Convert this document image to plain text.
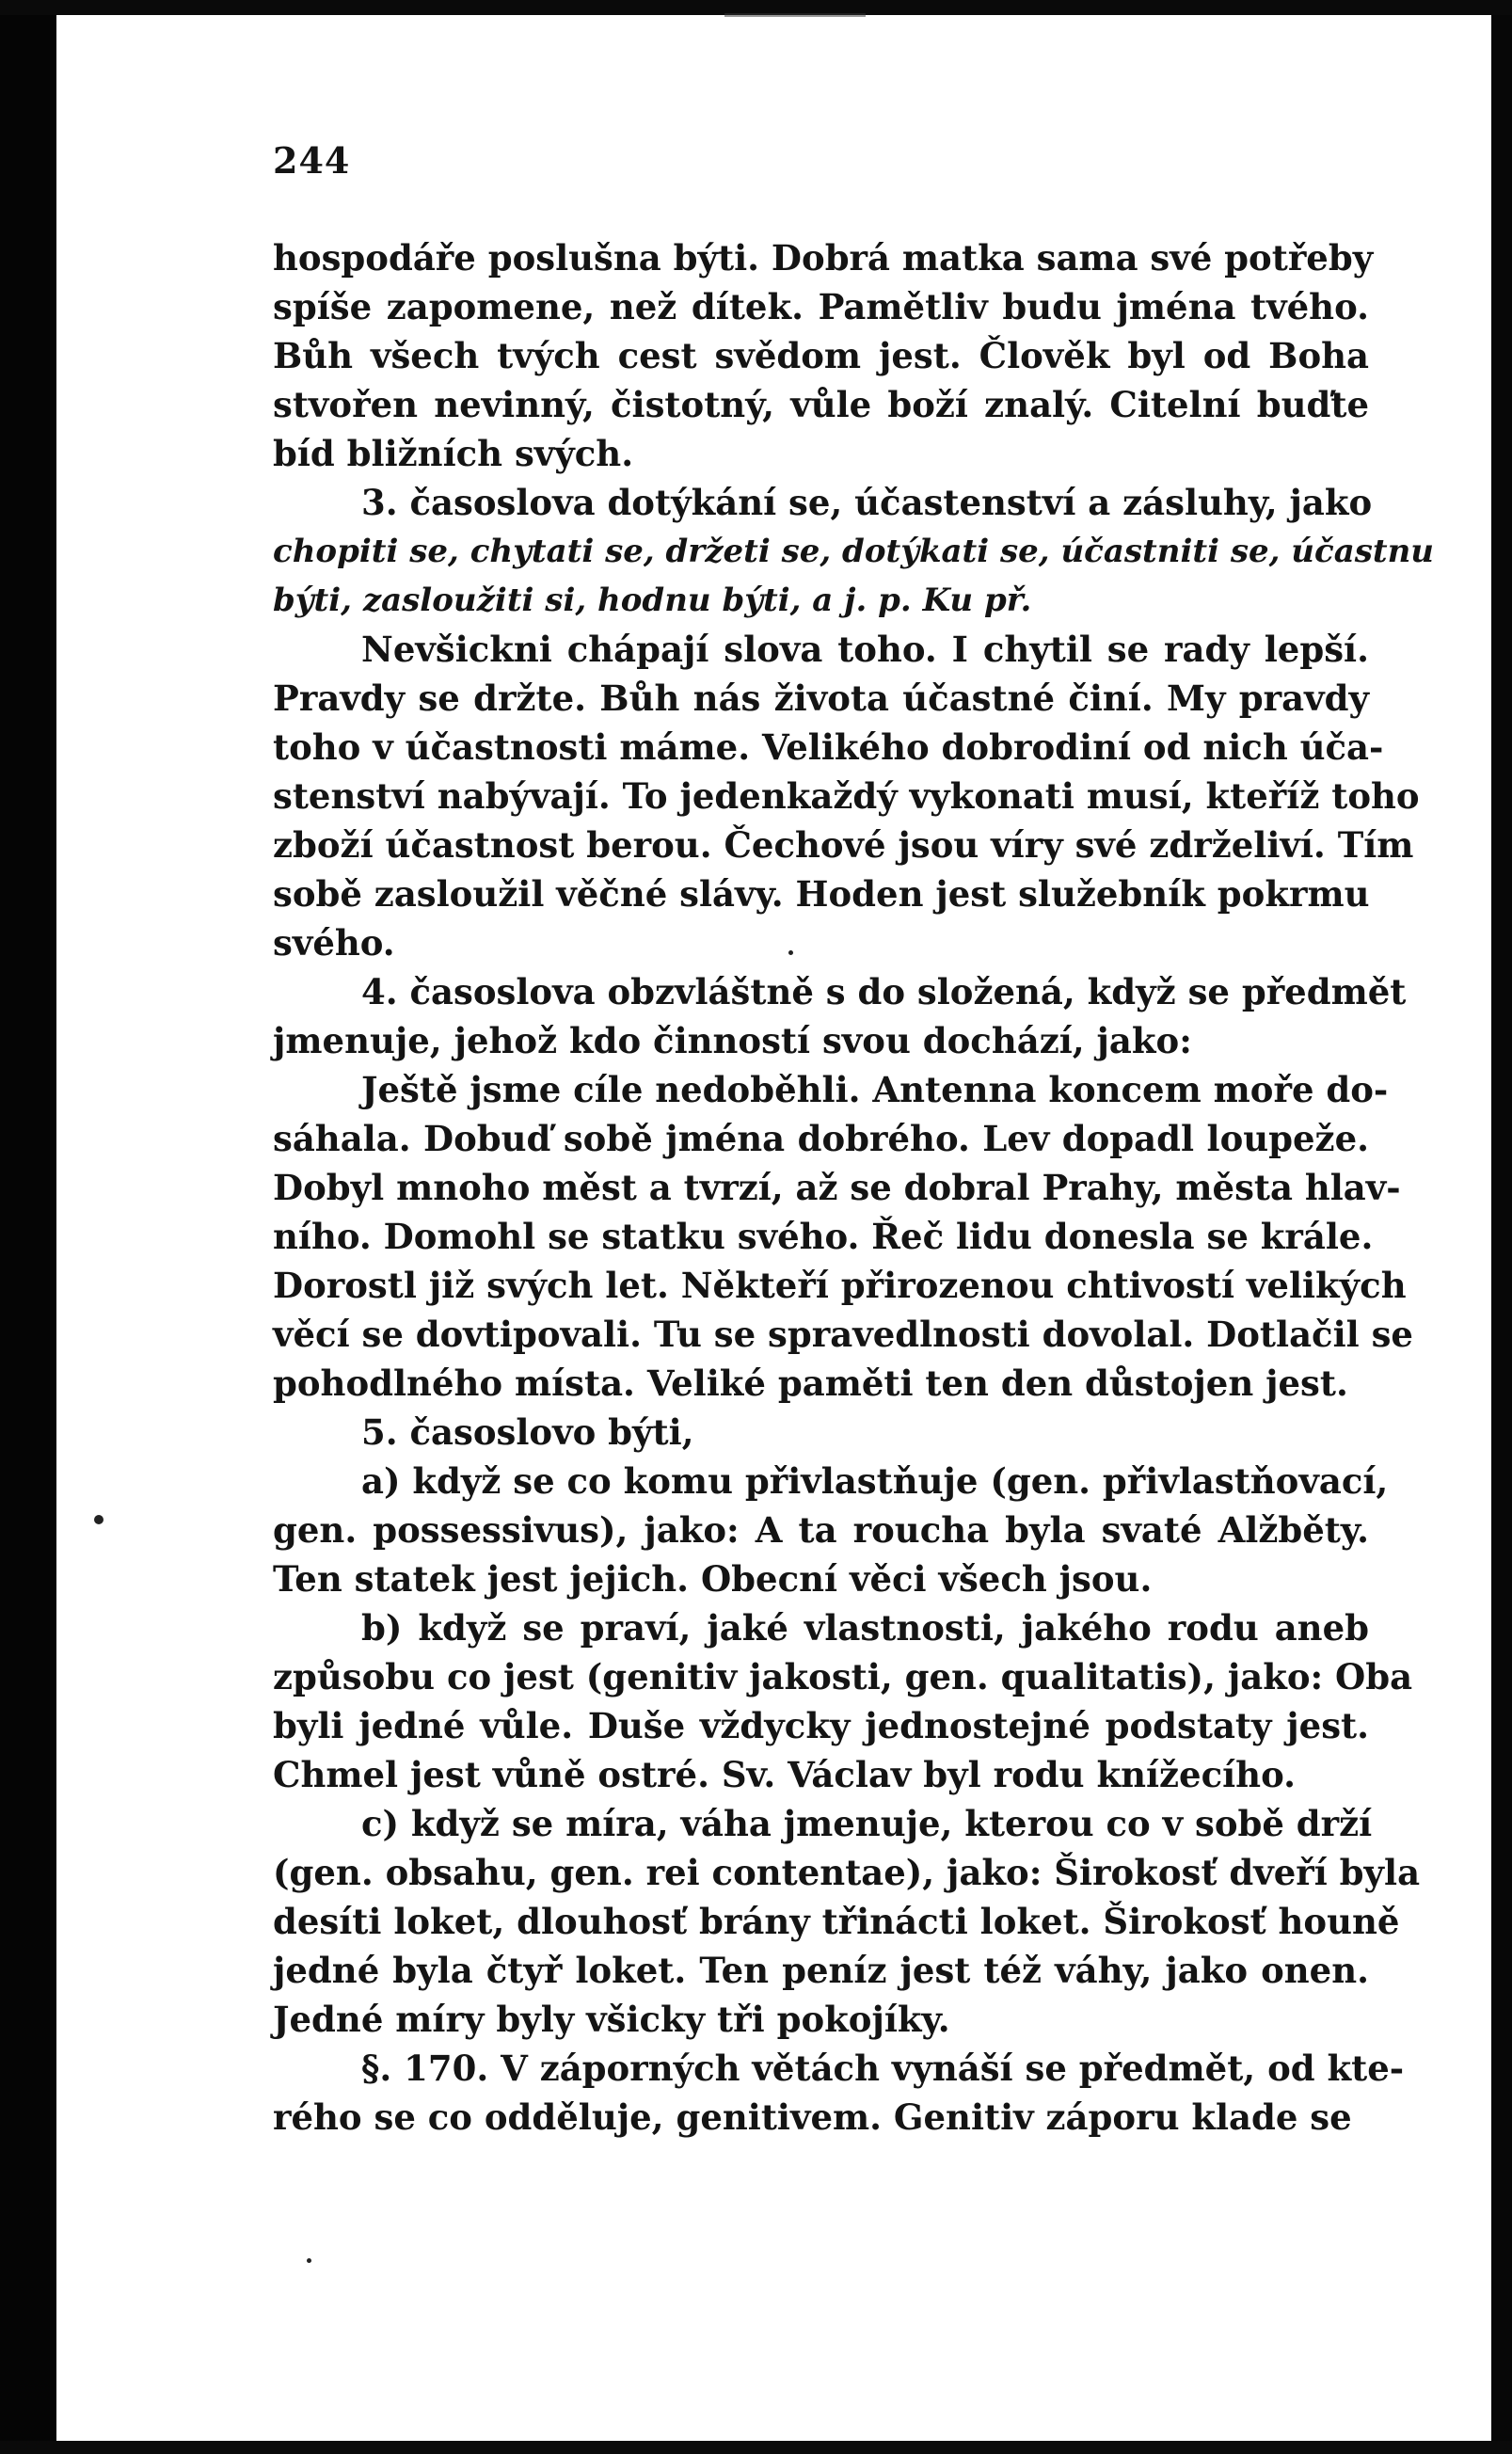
244
hospodáře poslušna býti. Dobrá matka sama své potřeby
spíše zapomene, než dítek. Pamětliv budu jména tvého.
Bůh všech tvých cest svědom jest. Člověk byl od Boha
stvořen nevinný, čistotný, vůle boží znalý. Citelní buďte
bíd bližních svých.
3. časoslova dotýkání se, účastenství a zásluhy, jako
chopiti se, chytati se, držeti se, dotýkati se, účastniti se, účastnu
býti, zasloužiti si, hodnu býti, a j. p. Ku př.
Nevšickni chápají slova toho. I chytil se rady lepší.
Pravdy se držte. Bůh nás života účastné činí. My pravdy
toho v účastnosti máme. Velikého dobrodiní od nich úča-
stenství nabývají. To jedenkaždý vykonati musí, kteříž toho
zboží účastnost berou. Čechové jsou víry své zdrželiví. Tím
sobě zasloužil věčné slávy. Hoden jest služebník pokrmu
svého.
4. časoslova obzvláštně s do složená, když se předmět
jmenuje, jehož kdo činností svou dochází, jako:
Ještě jsme cíle nedoběhli. Antenna koncem moře do-
sáhala. Dobuď sobě jména dobrého. Lev dopadl loupeže.
Dobyl mnoho měst a tvrzí, až se dobral Prahy, města hlav-
ního. Domohl se statku svého. Řeč lidu donesla se krále.
Dorostl již svých let. Někteří přirozenou chtivostí velikých
věcí se dovtipovali. Tu se spravedlnosti dovolal. Dotlačil se
pohodlného místa. Veliké paměti ten den důstojen jest.
5. časoslovo býti,
a) když se co komu přivlastňuje (gen. přivlastňovací,
gen. possessivus), jako: A ta roucha byla svaté Alžběty.
Ten statek jest jejich. Obecní věci všech jsou.
b) když se praví, jaké vlastnosti, jakého rodu aneb
způsobu co jest (genitiv jakosti, gen. qualitatis), jako: Oba
byli jedné vůle. Duše vždycky jednostejné podstaty jest.
Chmel jest vůně ostré. Sv. Václav byl rodu knížecího.
c) když se míra, váha jmenuje, kterou co v sobě drží
(gen. obsahu, gen. rei contentae), jako: Širokosť dveří byla
desíti loket, dlouhosť brány třinácti loket. Širokosť houně
jedné byla čtyř loket. Ten peníz jest též váhy, jako onen.
Jedné míry byly všicky tři pokojíky.
§. 170. V záporných větách vynáší se předmět, od kte-
rého se co odděluje, genitivem. Genitiv záporu klade se
